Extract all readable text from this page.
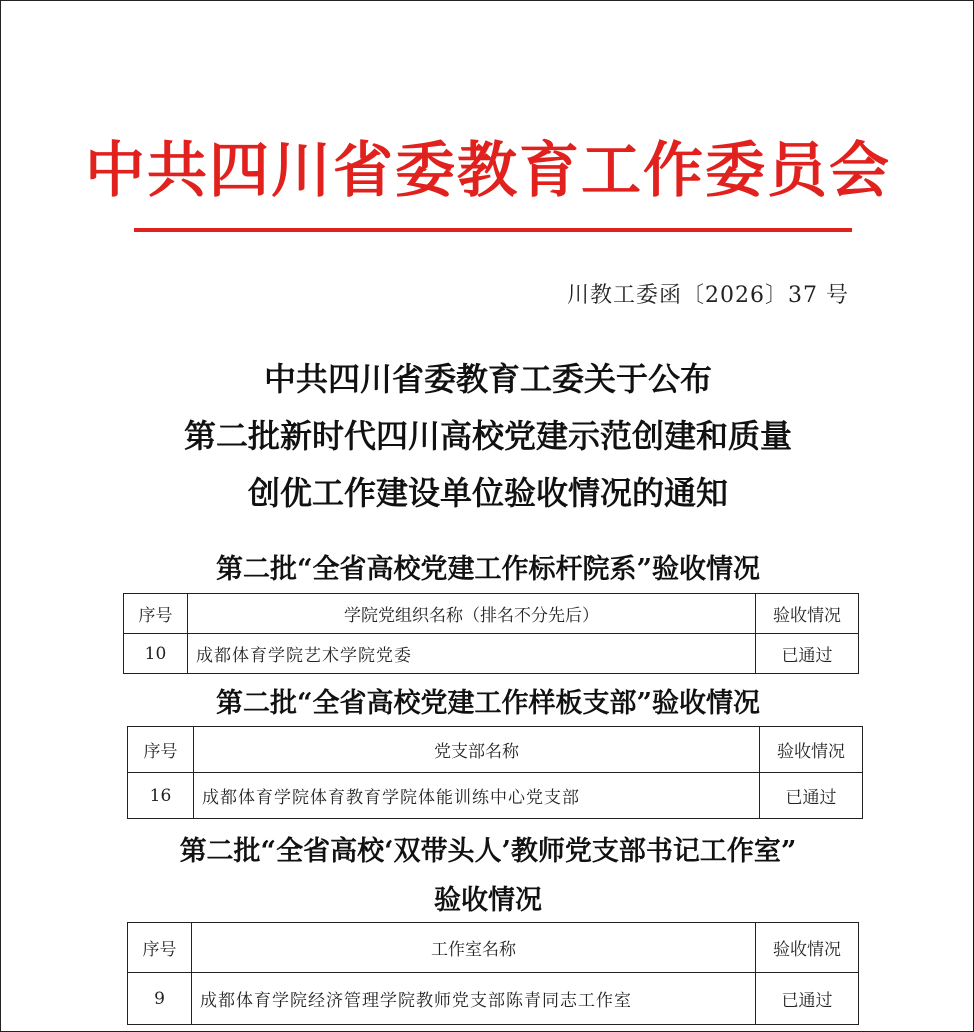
中共四川省委教育工作委员会
川教工委函〔2026〕37 号
中共四川省委教育工委关于公布
第二批新时代四川高校党建示范创建和质量
创优工作建设单位验收情况的通知
第二批“全省高校党建工作标杆院系”验收情况
序号	学院党组织名称（排名不分先后）	验收情况
10	成都体育学院艺术学院党委	已通过
第二批“全省高校党建工作样板支部”验收情况
序号	党支部名称	验收情况
16	成都体育学院体育教育学院体能训练中心党支部	已通过
第二批“全省高校‘双带头人’教师党支部书记工作室”
验收情况
序号	工作室名称	验收情况
9	成都体育学院经济管理学院教师党支部陈青同志工作室	已通过
